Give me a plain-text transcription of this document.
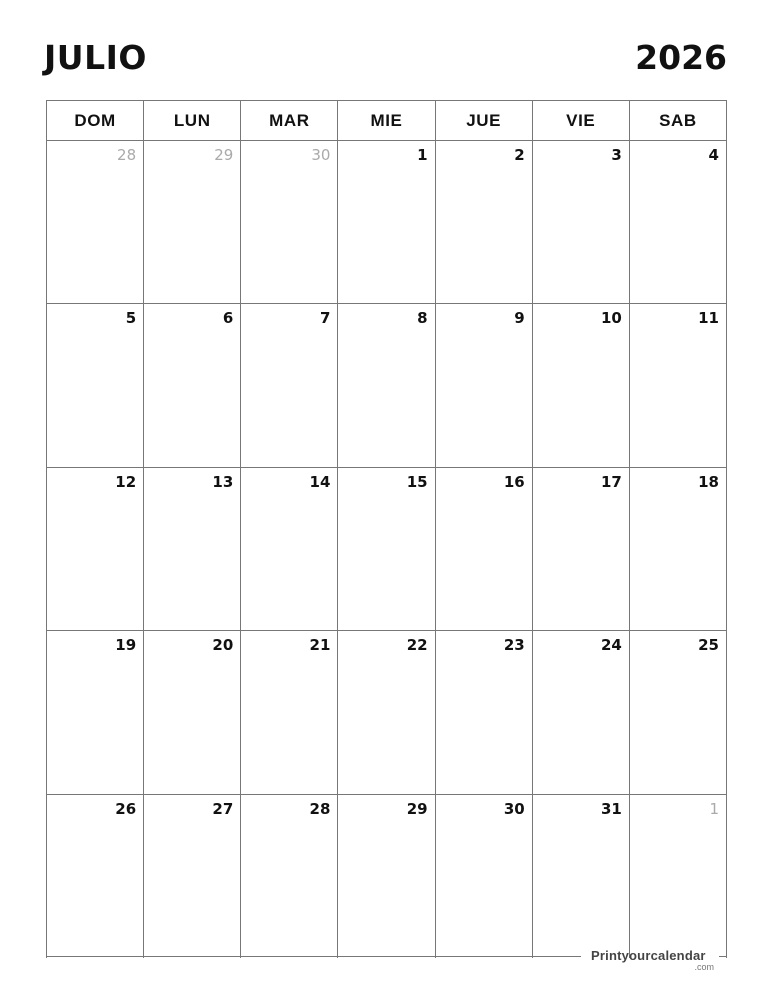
JULIO	2026
DOM	LUN	MAR	MIE	JUE	VIE	SAB
28	29	30	1	2	3	4
5	6	7	8	9	10	11
12	13	14	15	16	17	18
19	20	21	22	23	24	25
26	27	28	29	30	31	1
Printyourcalendar
.com
